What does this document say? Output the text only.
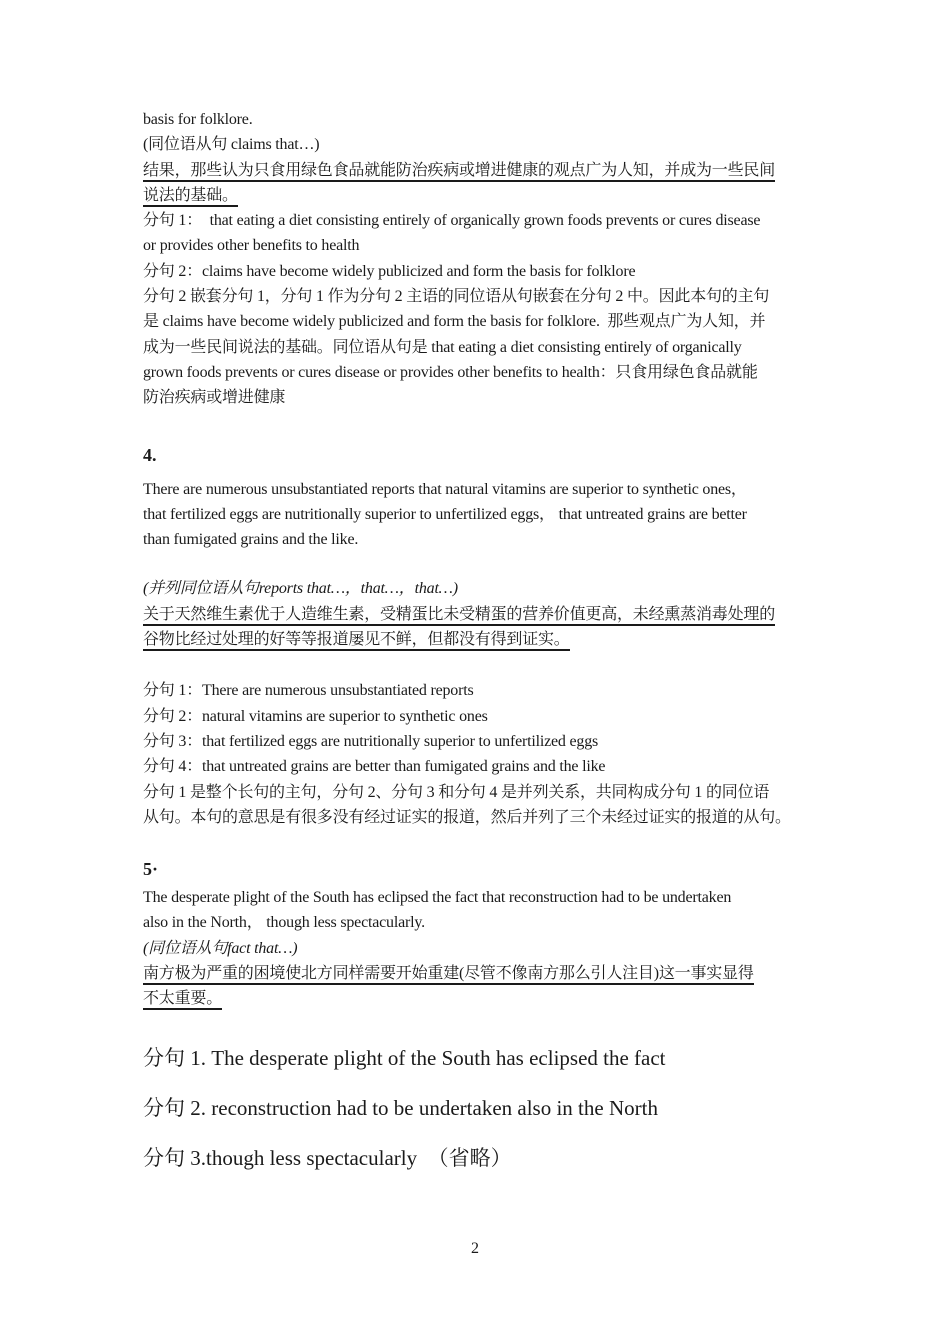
basis for folklore.
(同位语从句 claims that…)
结果，那些认为只食用绿色食品就能防治疾病或增进健康的观点广为人知，并成为一些民间
说法的基础。
分句 1：  that eating a diet consisting entirely of organically grown foods prevents or cures disease
or provides other benefits to health
分句 2：claims have become widely publicized and form the basis for folklore
分句 2 嵌套分句 1，分句 1 作为分句 2 主语的同位语从句嵌套在分句 2 中。因此本句的主句
是 claims have become widely publicized and form the basis for folklore.  那些观点广为人知，并
成为一些民间说法的基础。同位语从句是 that eating a diet consisting entirely of organically
grown foods prevents or cures disease or provides other benefits to health：只食用绿色食品就能
防治疾病或增进健康
4.
There are numerous unsubstantiated reports that natural vitamins are superior to synthetic ones，
that fertilized eggs are nutritionally superior to unfertilized eggs， that untreated grains are better
than fumigated grains and the like.
(并列同位语从句reports that…，that…，that…)
关于天然维生素优于人造维生素，受精蛋比未受精蛋的营养价值更高，未经熏蒸消毒处理的
谷物比经过处理的好等等报道屡见不鲜，但都没有得到证实。
分句 1：There are numerous unsubstantiated reports
分句 2：natural vitamins are superior to synthetic ones
分句 3：that fertilized eggs are nutritionally superior to unfertilized eggs
分句 4：that untreated grains are better than fumigated grains and the like
分句 1 是整个长句的主句，分句 2、分句 3 和分句 4 是并列关系，共同构成分句 1 的同位语
从句。本句的意思是有很多没有经过证实的报道，然后并列了三个未经过证实的报道的从句。
5·
The desperate plight of the South has eclipsed the fact that reconstruction had to be undertaken
also in the North， though less spectacularly.
(同位语从句fact that…)
南方极为严重的困境使北方同样需要开始重建(尽管不像南方那么引人注目)这一事实显得
不太重要。
分句 1. The desperate plight of the South has eclipsed the fact
分句 2. reconstruction had to be undertaken also in the North
分句 3.though less spectacularly  （省略）
2
